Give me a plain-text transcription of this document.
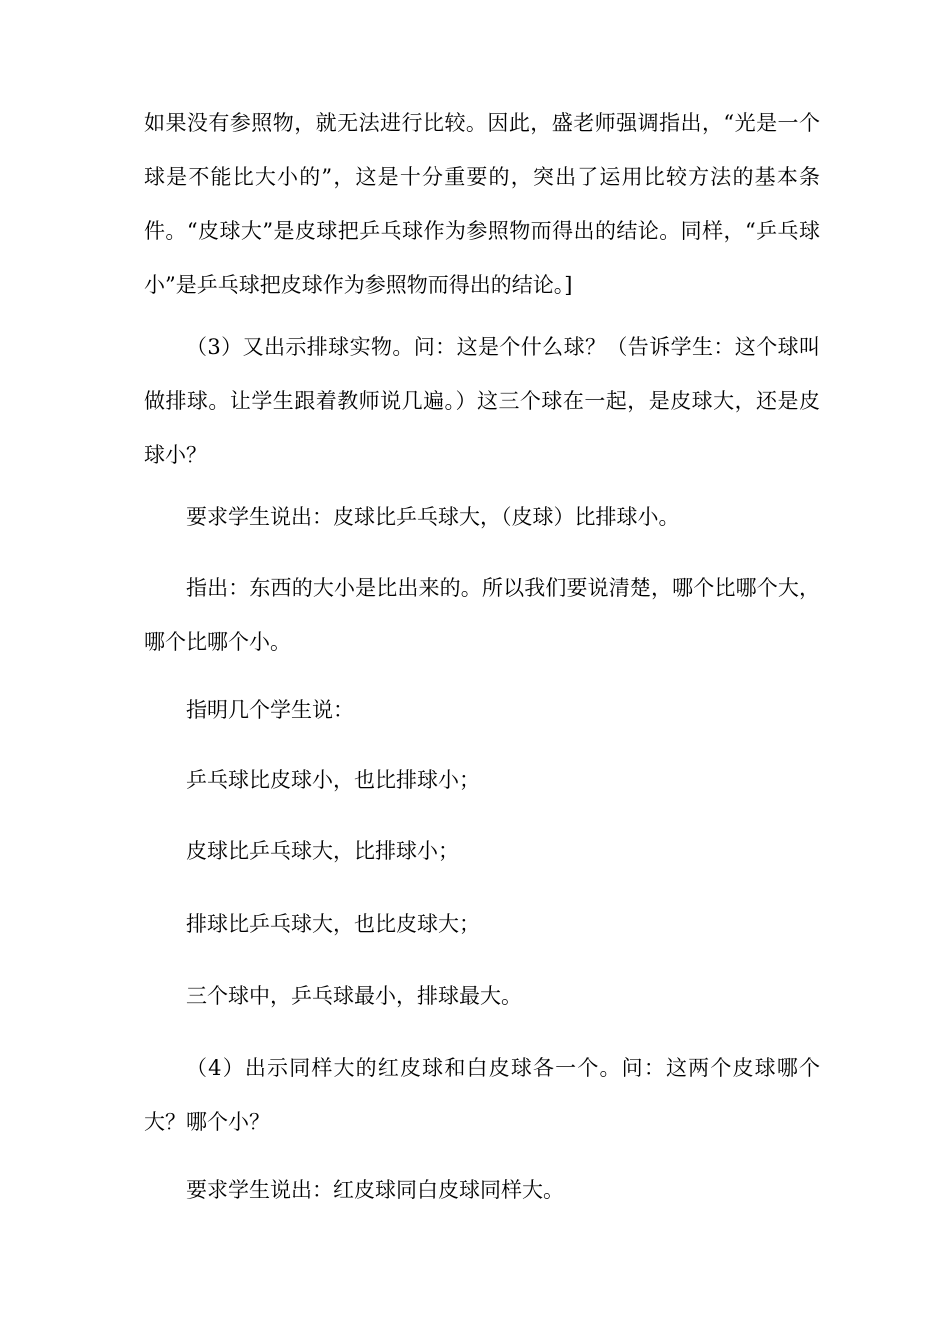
如果没有参照物，就无法进行比较。因此，盛老师强调指出，“光是一个球是不能比大小的”，这是十分重要的，突出了运用比较方法的基本条件。“皮球大”是皮球把乒乓球作为参照物而得出的结论。同样，“乒乓球小”是乒乓球把皮球作为参照物而得出的结论。]

（3）又出示排球实物。问：这是个什么球？（告诉学生：这个球叫做排球。让学生跟着教师说几遍。）这三个球在一起，是皮球大，还是皮球小？

要求学生说出：皮球比乒乓球大，（皮球）比排球小。

指出：东西的大小是比出来的。所以我们要说清楚，哪个比哪个大，哪个比哪个小。

指明几个学生说：

乒乓球比皮球小，也比排球小；

皮球比乒乓球大，比排球小；

排球比乒乓球大，也比皮球大；

三个球中，乒乓球最小，排球最大。

（4）出示同样大的红皮球和白皮球各一个。问：这两个皮球哪个大？哪个小？

要求学生说出：红皮球同白皮球同样大。
